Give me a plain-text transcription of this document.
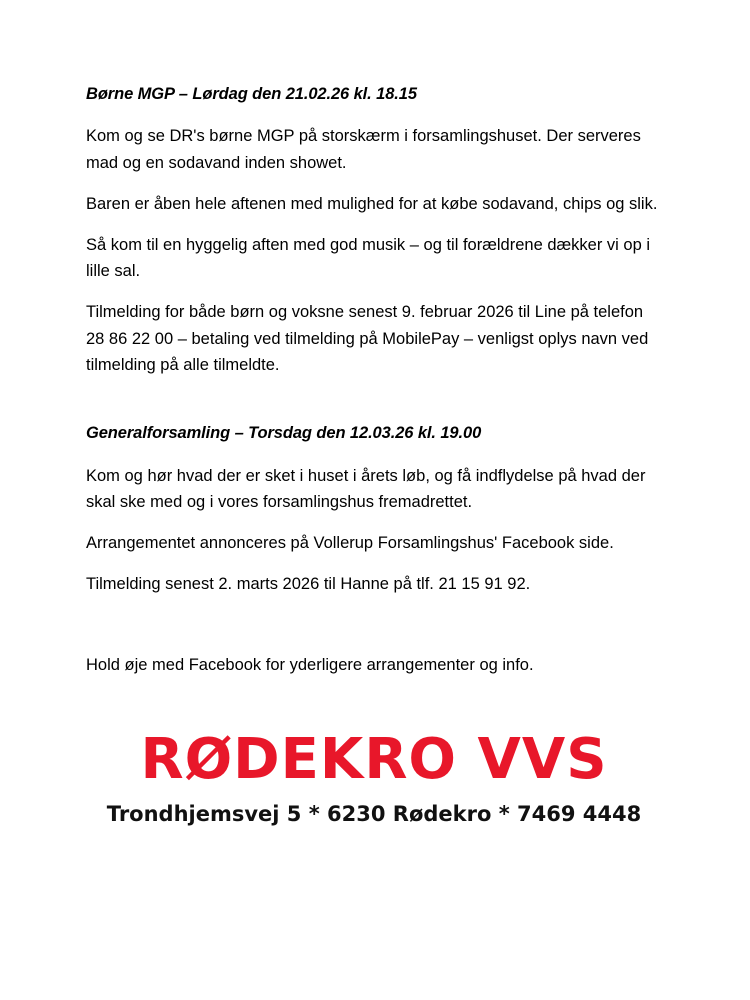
Børne MGP – Lørdag den 21.02.26 kl. 18.15

Kom og se DR's børne MGP på storskærm i forsamlingshuset. Der serveres mad og en sodavand inden showet.

Baren er åben hele aftenen med mulighed for at købe sodavand, chips og slik.

Så kom til en hyggelig aften med god musik – og til forældrene dækker vi op i lille sal.

Tilmelding for både børn og voksne senest 9. februar 2026 til Line på telefon 28 86 22 00 – betaling ved tilmelding på MobilePay – venligst oplys navn ved tilmelding på alle tilmeldte.

Generalforsamling – Torsdag den 12.03.26 kl. 19.00

Kom og hør hvad der er sket i huset i årets løb, og få indflydelse på hvad der skal ske med og i vores forsamlingshus fremadrettet.

Arrangementet annonceres på Vollerup Forsamlingshus' Facebook side.

Tilmelding senest 2. marts 2026 til Hanne på tlf. 21 15 91 92.

Hold øje med Facebook for yderligere arrangementer og info.

RØDEKRO VVS

Trondhjemsvej 5 * 6230 Rødekro * 7469 4448
